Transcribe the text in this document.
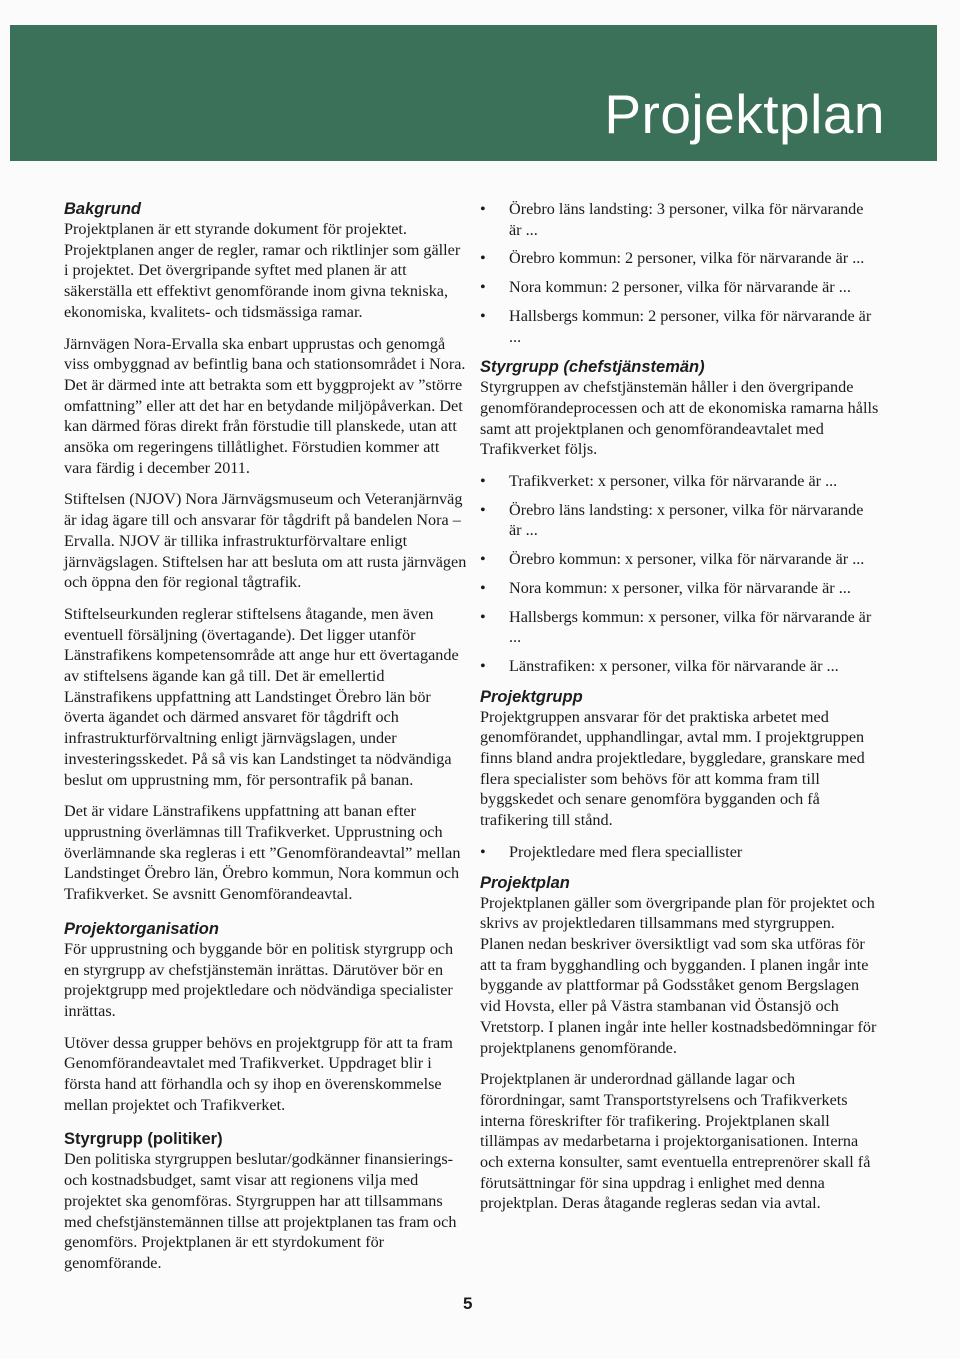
Projektplan
Bakgrund

Projektplanen är ett styrande dokument för projektet. Projektplanen anger de regler, ramar och riktlinjer som gäller i projektet. Det övergripande syftet med planen är att säkerställa ett effektivt genomförande inom givna tekniska, ekonomiska, kvalitets- och tidsmässiga ramar.

Järnvägen Nora-Ervalla ska enbart upprustas och genomgå viss ombyggnad av befintlig bana och stationsområdet i Nora. Det är därmed inte att betrakta som ett byggprojekt av ”större omfattning” eller att det har en betydande miljöpåverkan. Det kan därmed föras direkt från förstudie till planskede, utan att ansöka om regeringens tillåtlighet. Förstudien kommer att vara färdig i december 2011.

Stiftelsen (NJOV) Nora Järnvägsmuseum och Veteranjärnväg är idag ägare till och ansvarar för tågdrift på bandelen Nora – Ervalla. NJOV är tillika infrastrukturförvaltare enligt järnvägslagen. Stiftelsen har att besluta om att rusta järnvägen och öppna den för regional tågtrafik.

Stiftelseurkunden reglerar stiftelsens åtagande, men även eventuell försäljning (övertagande). Det ligger utanför Länstrafikens kompetensområde att ange hur ett övertagande av stiftelsens ägande kan gå till. Det är emellertid Länstrafikens uppfattning att Landstinget Örebro län bör överta ägandet och därmed ansvaret för tågdrift och infrastrukturförvaltning enligt järnvägslagen, under investeringsskedet. På så vis kan Landstinget ta nödvändiga beslut om upprustning mm, för persontrafik på banan.

Det är vidare Länstrafikens uppfattning att banan efter upprustning överlämnas till Trafikverket. Upprustning och överlämnande ska regleras i ett ”Genomförandeavtal” mellan Landstinget Örebro län, Örebro kommun, Nora kommun och Trafikverket. Se avsnitt Genomförandeavtal.

Projektorganisation

För upprustning och byggande bör en politisk styrgrupp och en styrgrupp av chefstjänstemän inrättas. Därutöver bör en projektgrupp med projektledare och nödvändiga specialister inrättas.

Utöver dessa grupper behövs en projektgrupp för att ta fram Genomförandeavtalet med Trafikverket. Uppdraget blir i första hand att förhandla och sy ihop en överenskommelse mellan projektet och Trafikverket.

Styrgrupp (politiker)

Den politiska styrgruppen beslutar/godkänner finansierings- och kostnadsbudget, samt visar att regionens vilja med projektet ska genomföras. Styrgruppen har att tillsammans med chefstjänstemännen tillse att projektplanen tas fram och genomförs. Projektplanen är ett styrdokument för genomförande.

• Örebro läns landsting: 3 personer, vilka för närvarande är ...
• Örebro kommun: 2 personer, vilka för närvarande är ...
• Nora kommun: 2 personer, vilka för närvarande är ...
• Hallsbergs kommun: 2 personer, vilka för närvarande är ...
Styrgrupp (chefstjänstemän)

Styrgruppen av chefstjänstemän håller i den övergripande genomförandeprocessen och att de ekonomiska ramarna hålls samt att projektplanen och genomförandeavtalet med Trafikverket följs.

• Trafikverket: x personer, vilka för närvarande är ...
• Örebro läns landsting: x personer, vilka för närvarande är ...
• Örebro kommun: x personer, vilka för närvarande är ...
• Nora kommun: x personer, vilka för närvarande är ...
• Hallsbergs kommun: x personer, vilka för närvarande är ...
• Länstrafiken: x personer, vilka för närvarande är ...
Projektgrupp

Projektgruppen ansvarar för det praktiska arbetet med genomförandet, upphandlingar, avtal mm. I projektgruppen finns bland andra projektledare, byggledare, granskare med flera specialister som behövs för att komma fram till byggskedet och senare genomföra bygganden och få trafikering till stånd.

• Projektledare med flera speciallister
Projektplan

Projektplanen gäller som övergripande plan för projektet och skrivs av projektledaren tillsammans med styrgruppen. Planen nedan beskriver översiktligt vad som ska utföras för att ta fram bygghandling och bygganden. I planen ingår inte byggande av plattformar på Godsståket genom Bergslagen vid Hovsta, eller på Västra stambanan vid Östansjö och Vretstorp. I planen ingår inte heller kostnadsbedömningar för projektplanens genomförande.

Projektplanen är underordnad gällande lagar och förordningar, samt Transportstyrelsens och Trafikverkets interna föreskrifter för trafikering. Projektplanen skall tillämpas av medarbetarna i projektorganisationen. Interna och externa konsulter, samt eventuella entreprenörer skall få förutsättningar för sina uppdrag i enlighet med denna projektplan. Deras åtagande regleras sedan via avtal.

5
